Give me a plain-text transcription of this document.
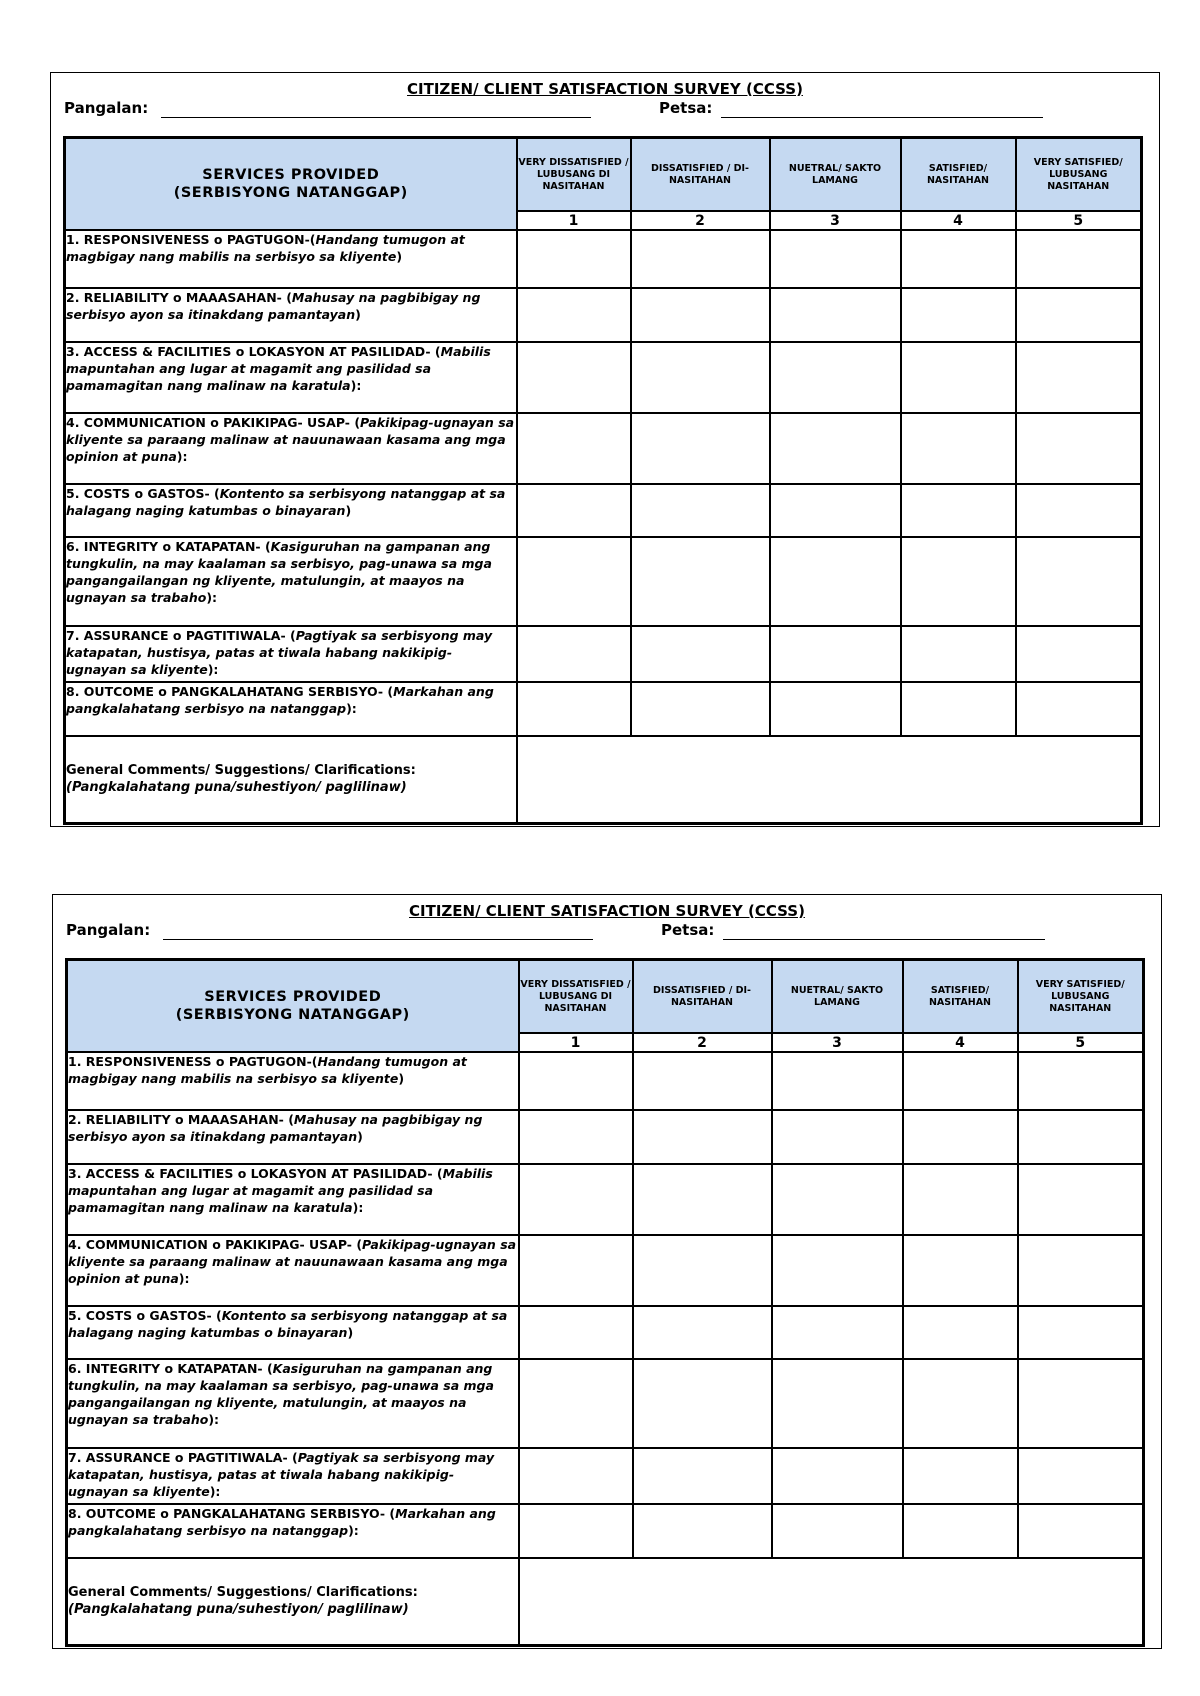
CITIZEN/ CLIENT SATISFACTION SURVEY (CCSS)
Pangalan:	Petsa:
SERVICES PROVIDED
(SERBISYONG NATANGGAP)	VERY DISSATISFIED / LUBUSANG DI NASITAHAN	DISSATISFIED / DI- NASITAHAN	NUETRAL/ SAKTO LAMANG	SATISFIED/ NASITAHAN	VERY SATISFIED/ LUBUSANG NASITAHAN
	1	2	3	4	5
1. RESPONSIVENESS o PAGTUGON-(Handang tumugon at magbigay nang mabilis na serbisyo sa kliyente)					
2. RELIABILITY o MAAASAHAN- (Mahusay na pagbibigay ng serbisyo ayon sa itinakdang pamantayan)					
3. ACCESS & FACILITIES o LOKASYON AT PASILIDAD- (Mabilis mapuntahan ang lugar at magamit ang pasilidad sa pamamagitan nang malinaw na karatula):					
4. COMMUNICATION o PAKIKIPAG- USAP- (Pakikipag-ugnayan sa kliyente sa paraang malinaw at nauunawaan kasama ang mga opinion at puna):					
5. COSTS o GASTOS- (Kontento sa serbisyong natanggap at sa halagang naging katumbas o binayaran)					
6. INTEGRITY o KATAPATAN- (Kasiguruhan na gampanan ang tungkulin, na may kaalaman sa serbisyo, pag-unawa sa mga pangangailangan ng kliyente, matulungin, at maayos na ugnayan sa trabaho):					
7. ASSURANCE o PAGTITIWALA- (Pagtiyak sa serbisyong may katapatan, hustisya, patas at tiwala habang nakikipig- ugnayan sa kliyente):					
8. OUTCOME o PANGKALAHATANG SERBISYO- (Markahan ang pangkalahatang serbisyo na natanggap):					

General Comments/ Suggestions/ Clarifications:
(Pangkalahatang puna/suhestiyon/ paglilinaw)					

CITIZEN/ CLIENT SATISFACTION SURVEY (CCSS)
Pangalan:	Petsa:
SERVICES PROVIDED
(SERBISYONG NATANGGAP)	VERY DISSATISFIED / LUBUSANG DI NASITAHAN	DISSATISFIED / DI- NASITAHAN	NUETRAL/ SAKTO LAMANG	SATISFIED/ NASITAHAN	VERY SATISFIED/ LUBUSANG NASITAHAN
	1	2	3	4	5
1. RESPONSIVENESS o PAGTUGON-(Handang tumugon at magbigay nang mabilis na serbisyo sa kliyente)					
2. RELIABILITY o MAAASAHAN- (Mahusay na pagbibigay ng serbisyo ayon sa itinakdang pamantayan)					
3. ACCESS & FACILITIES o LOKASYON AT PASILIDAD- (Mabilis mapuntahan ang lugar at magamit ang pasilidad sa pamamagitan nang malinaw na karatula):					
4. COMMUNICATION o PAKIKIPAG- USAP- (Pakikipag-ugnayan sa kliyente sa paraang malinaw at nauunawaan kasama ang mga opinion at puna):					
5. COSTS o GASTOS- (Kontento sa serbisyong natanggap at sa halagang naging katumbas o binayaran)					
6. INTEGRITY o KATAPATAN- (Kasiguruhan na gampanan ang tungkulin, na may kaalaman sa serbisyo, pag-unawa sa mga pangangailangan ng kliyente, matulungin, at maayos na ugnayan sa trabaho):					
7. ASSURANCE o PAGTITIWALA- (Pagtiyak sa serbisyong may katapatan, hustisya, patas at tiwala habang nakikipig- ugnayan sa kliyente):					
8. OUTCOME o PANGKALAHATANG SERBISYO- (Markahan ang pangkalahatang serbisyo na natanggap):					

General Comments/ Suggestions/ Clarifications:
(Pangkalahatang puna/suhestiyon/ paglilinaw)					
